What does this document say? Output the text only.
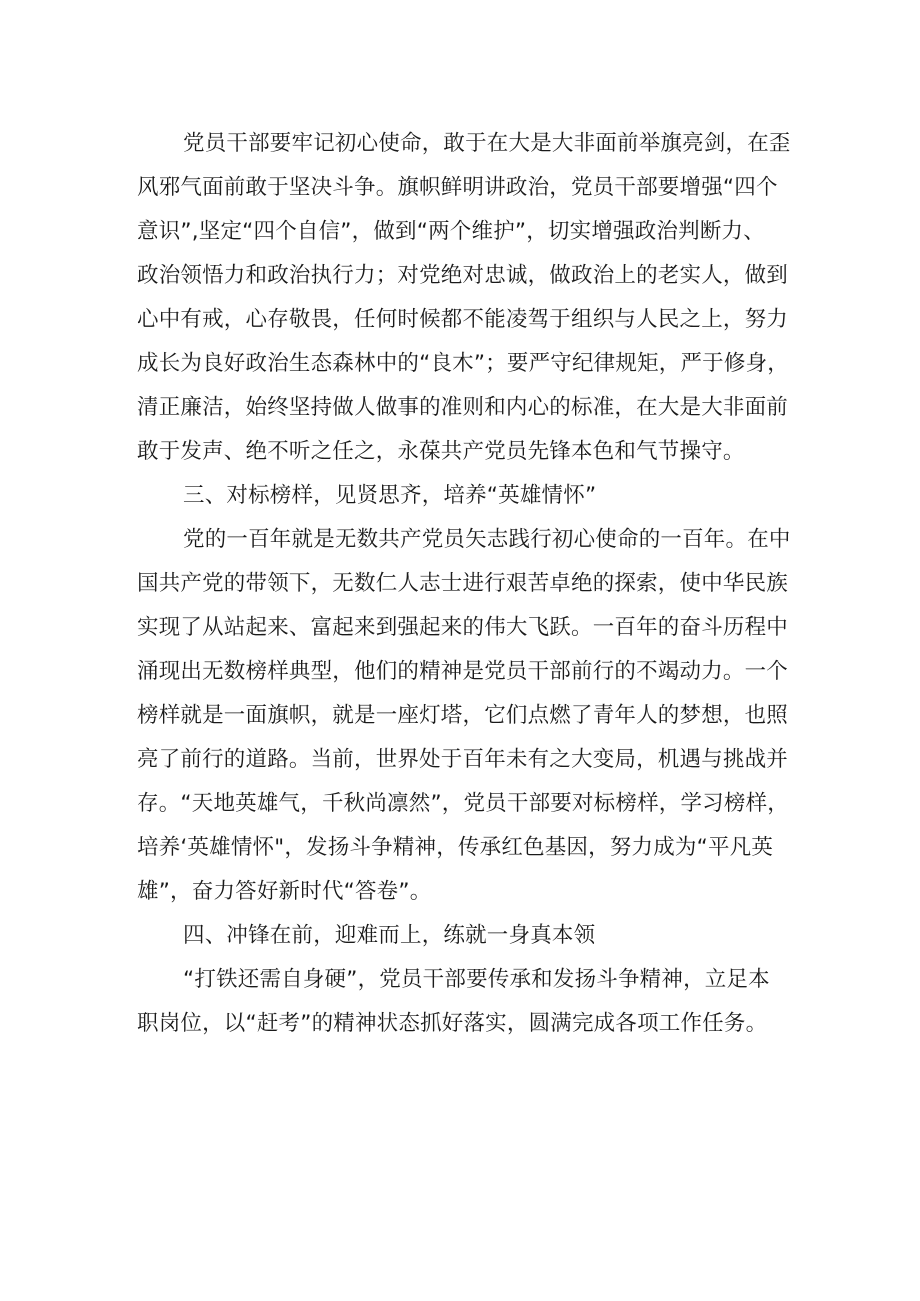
党员干部要牢记初心使命，敢于在大是大非面前举旗亮剑，在歪
风邪气面前敢于坚决斗争。旗帜鲜明讲政治，党员干部要增强“四个
意识”,坚定“四个自信”，做到“两个维护”，切实增强政治判断力、
政治领悟力和政治执行力；对党绝对忠诚，做政治上的老实人，做到
心中有戒，心存敬畏，任何时候都不能凌驾于组织与人民之上，努力
成长为良好政治生态森林中的“良木”；要严守纪律规矩，严于修身，
清正廉洁，始终坚持做人做事的准则和内心的标准，在大是大非面前
敢于发声、绝不听之任之，永葆共产党员先锋本色和气节操守。
三、对标榜样，见贤思齐，培养“英雄情怀”
党的一百年就是无数共产党员矢志践行初心使命的一百年。在中
国共产党的带领下，无数仁人志士进行艰苦卓绝的探索，使中华民族
实现了从站起来、富起来到强起来的伟大飞跃。一百年的奋斗历程中
涌现出无数榜样典型，他们的精神是党员干部前行的不竭动力。一个
榜样就是一面旗帜，就是一座灯塔，它们点燃了青年人的梦想，也照
亮了前行的道路。当前，世界处于百年未有之大变局，机遇与挑战并
存。“天地英雄气，千秋尚凛然”，党员干部要对标榜样，学习榜样，
培养‘英雄情怀"，发扬斗争精神，传承红色基因，努力成为“平凡英
雄”，奋力答好新时代“答卷”。
四、冲锋在前，迎难而上，练就一身真本领
“打铁还需自身硬”，党员干部要传承和发扬斗争精神，立足本
职岗位，以“赶考”的精神状态抓好落实，圆满完成各项工作任务。
